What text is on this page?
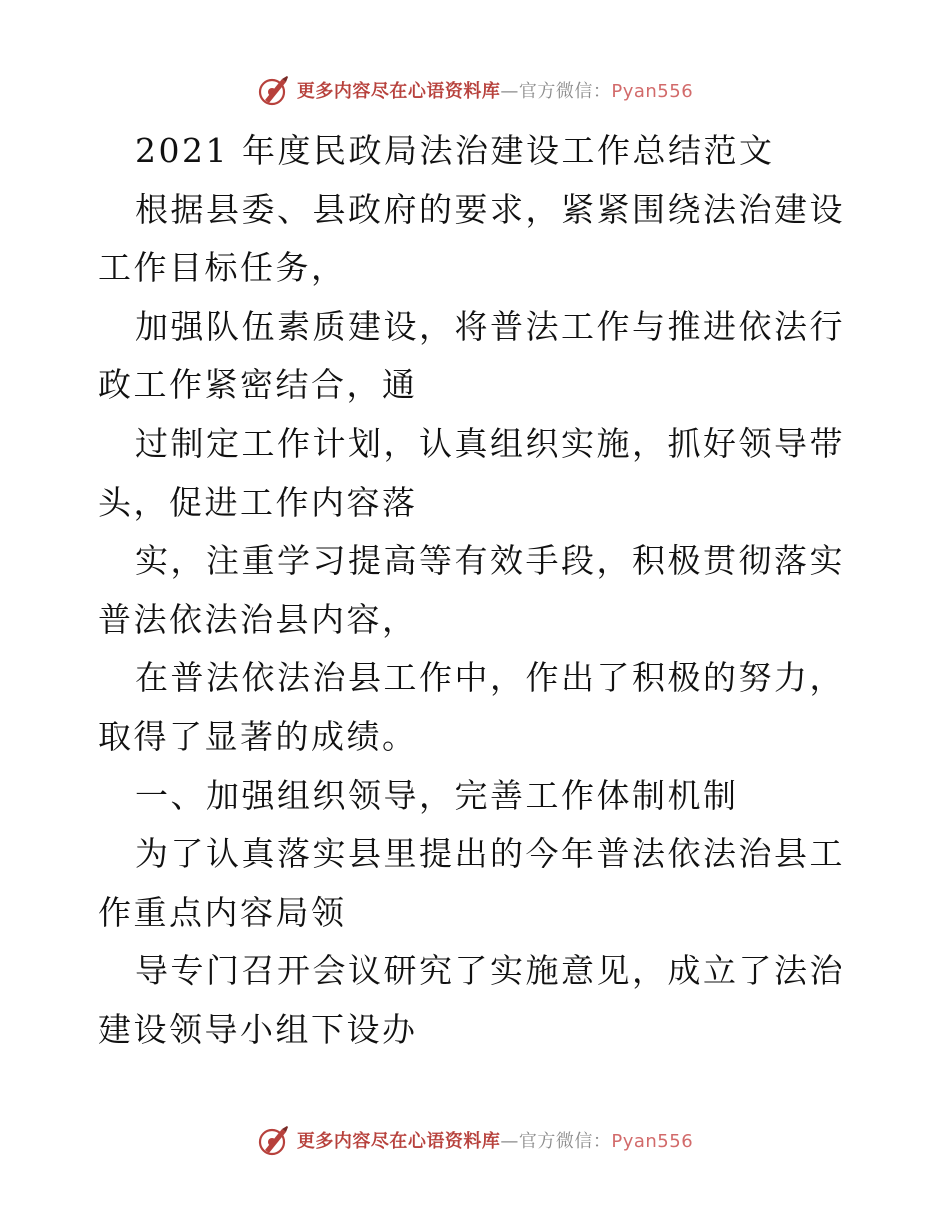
更多内容尽在心语资料库—官方微信：Pyan556

2021 年度民政局法治建设工作总结范文

根据县委、县政府的要求，紧紧围绕法治建设工作目标任务，

加强队伍素质建设，将普法工作与推进依法行政工作紧密结合，通

过制定工作计划，认真组织实施，抓好领导带头，促进工作内容落

实，注重学习提高等有效手段，积极贯彻落实普法依法治县内容，

在普法依法治县工作中，作出了积极的努力，取得了显著的成绩。

一、加强组织领导，完善工作体制机制

为了认真落实县里提出的今年普法依法治县工作重点内容局领

导专门召开会议研究了实施意见，成立了法治建设领导小组下设办

更多内容尽在心语资料库—官方微信：Pyan556
